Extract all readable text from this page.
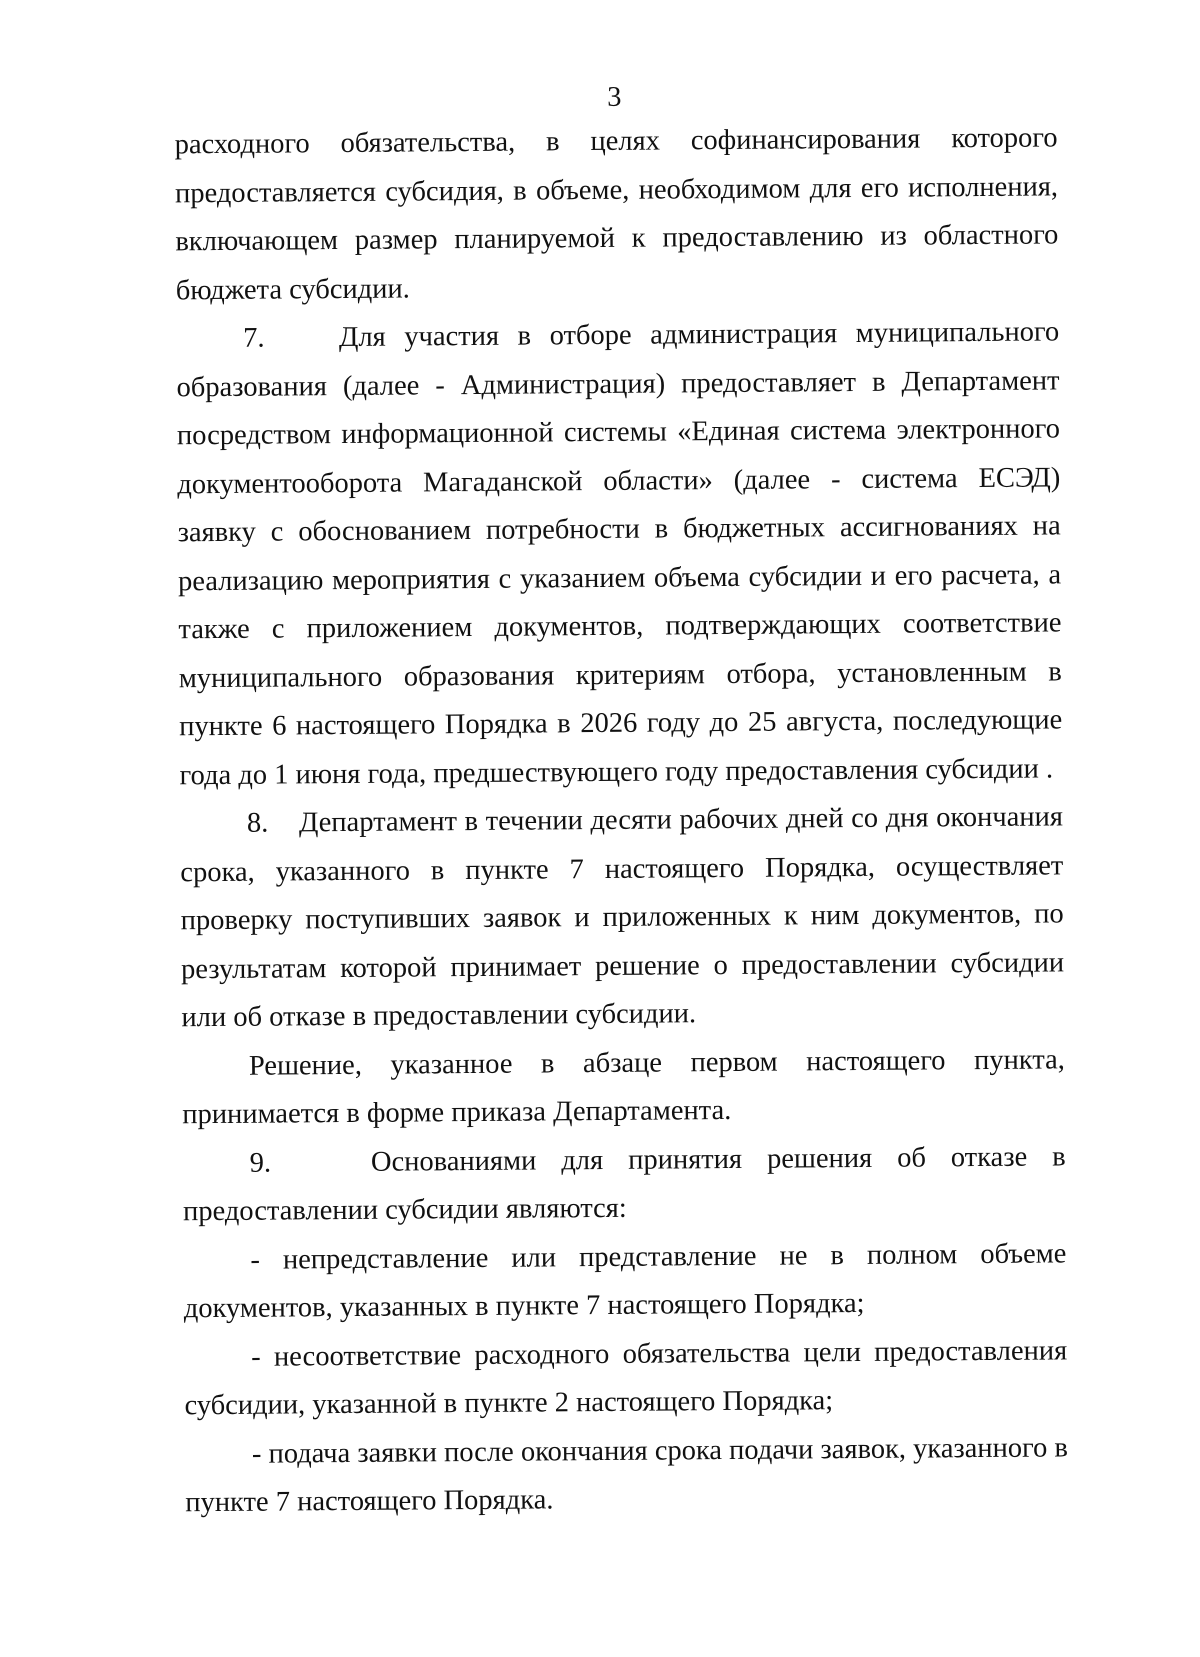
3

расходного обязательства, в целях софинансирования которого предоставляется субсидия, в объеме, необходимом для его исполнения, включающем размер планируемой к предоставлению из областного бюджета субсидии.

7.    Для участия в отборе администрация муниципального образования (далее - Администрация) предоставляет в Департамент посредством информационной системы «Единая система электронного документооборота Магаданской области» (далее - система ЕСЭД) заявку с обоснованием потребности в бюджетных ассигнованиях на реализацию мероприятия с указанием объема субсидии и его расчета, а также с приложением документов, подтверждающих соответствие муниципального образования критериям отбора, установленным в пункте 6 настоящего Порядка в 2026 году до 25 августа, последующие года до 1 июня года, предшествующего году предоставления субсидии .

8.    Департамент в течении десяти рабочих дней со дня окончания срока, указанного в пункте 7 настоящего Порядка, осуществляет проверку поступивших заявок и приложенных к ним документов, по результатам которой принимает решение о предоставлении субсидии или об отказе в предоставлении субсидии.

Решение, указанное в абзаце первом настоящего пункта, принимается в форме приказа Департамента.

9.    Основаниями для принятия решения об отказе в предоставлении субсидии являются:

- непредставление или представление не в полном объеме документов, указанных в пункте 7 настоящего Порядка;

- несоответствие расходного обязательства цели предоставления субсидии, указанной в пункте 2 настоящего Порядка;

- подача заявки после окончания срока подачи заявок, указанного в пункте 7 настоящего Порядка.
